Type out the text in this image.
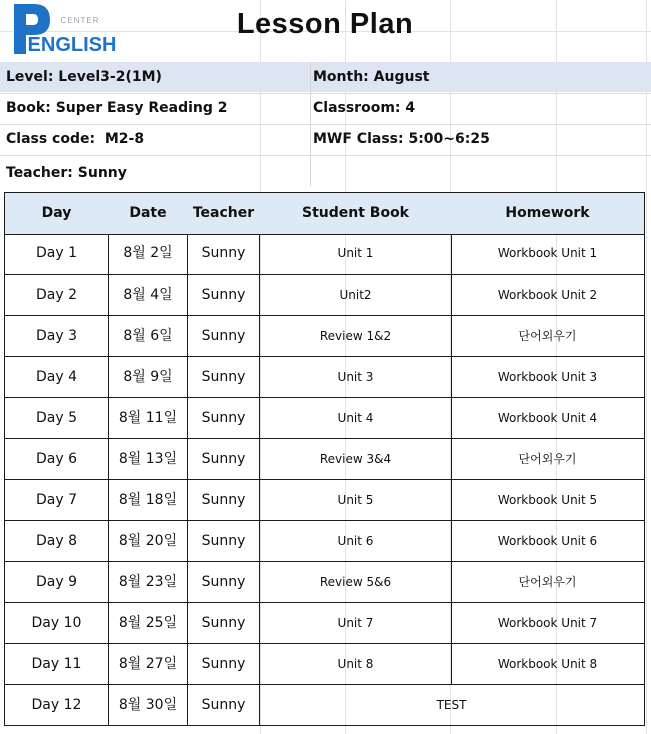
CENTER
ENGLISH
Lesson Plan
Level: Level3-2(1M)	Month: August
Book: Super Easy Reading 2	Classroom: 4
Class code:  M2-8	MWF Class: 5:00~6:25
Teacher: Sunny
Day	Date	Teacher	Student Book	Homework
Day 1	8월 2일	Sunny	Unit 1	Workbook Unit 1
Day 2	8월 4일	Sunny	Unit2	Workbook Unit 2
Day 3	8월 6일	Sunny	Review 1&2	단어외우기
Day 4	8월 9일	Sunny	Unit 3	Workbook Unit 3
Day 5	8월 11일	Sunny	Unit 4	Workbook Unit 4
Day 6	8월 13일	Sunny	Review 3&4	단어외우기
Day 7	8월 18일	Sunny	Unit 5	Workbook Unit 5
Day 8	8월 20일	Sunny	Unit 6	Workbook Unit 6
Day 9	8월 23일	Sunny	Review 5&6	단어외우기
Day 10	8월 25일	Sunny	Unit 7	Workbook Unit 7
Day 11	8월 27일	Sunny	Unit 8	Workbook Unit 8
Day 12	8월 30일	Sunny	TEST
